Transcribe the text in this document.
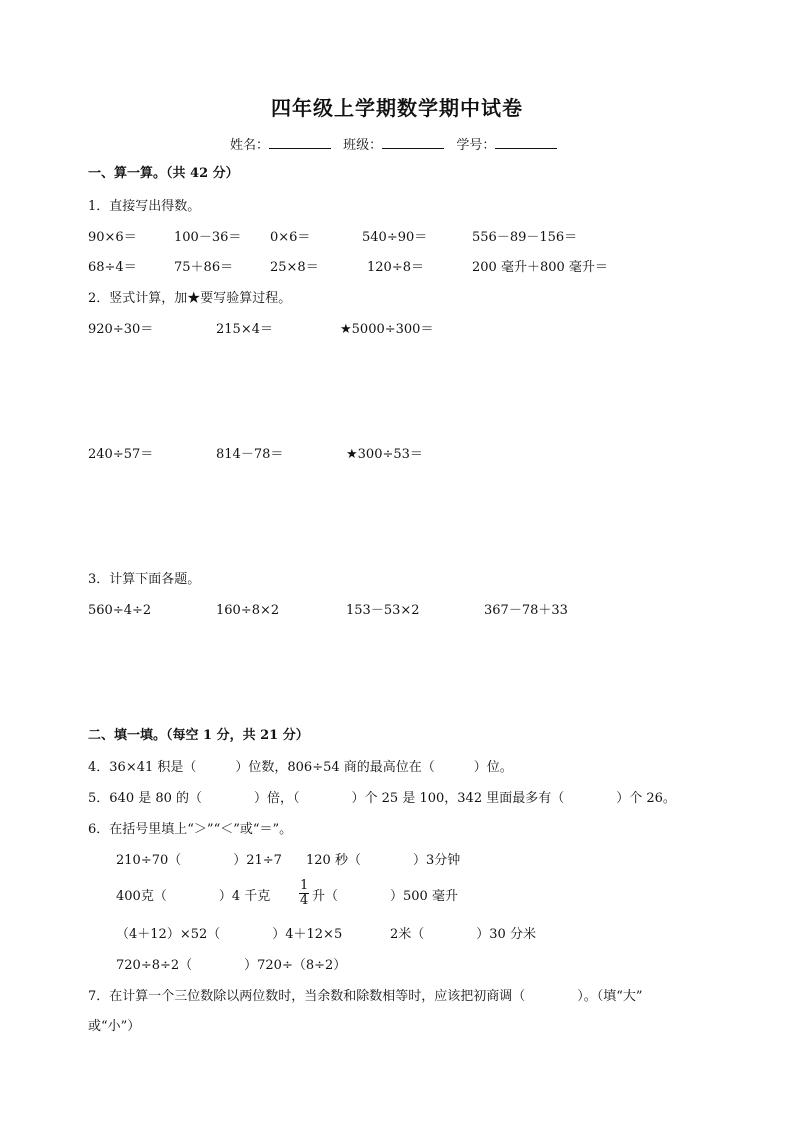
四年级上学期数学期中试卷
姓名：	班级：	学号：
一、算一算。（共 42 分）
1．直接写出得数。
90×6＝	100－36＝ 0×6＝	540÷90＝	556－89－156＝
68÷4＝	75＋86＝	25×8＝	120÷8＝	200 毫升＋800 毫升＝
2．竖式计算，加★要写验算过程。
920÷30＝	215×4＝	★5000÷300＝
240÷57＝	814－78＝	★300÷53＝
3．计算下面各题。
560÷4÷2	160÷8×2	153－53×2	367－78＋33
二、填一填。（每空 1 分，共 21 分）
4．36×41 积是（　　　）位数，806÷54 商的最高位在（　　　）位。
5．640 是 80 的（　　　　）倍，（　　　　）个 25 是 100，342 里面最多有（　　　　）个 26。
6．在括号里填上“＞”“＜”或“＝”。
210÷70（　　　　）21÷7 120 秒（　　　　）3分钟
400克（　　　　）4 千克 $\frac{1}{4}$ 升（　　　　）500 毫升
（4＋12）×52（　　　　）4＋12×5	2米（　　　　）30 分米
720÷8÷2（　　　　）720÷（8÷2）
7．在计算一个三位数除以两位数时，当余数和除数相等时，应该把初商调（　　　　）。（填“大”
或“小”）
